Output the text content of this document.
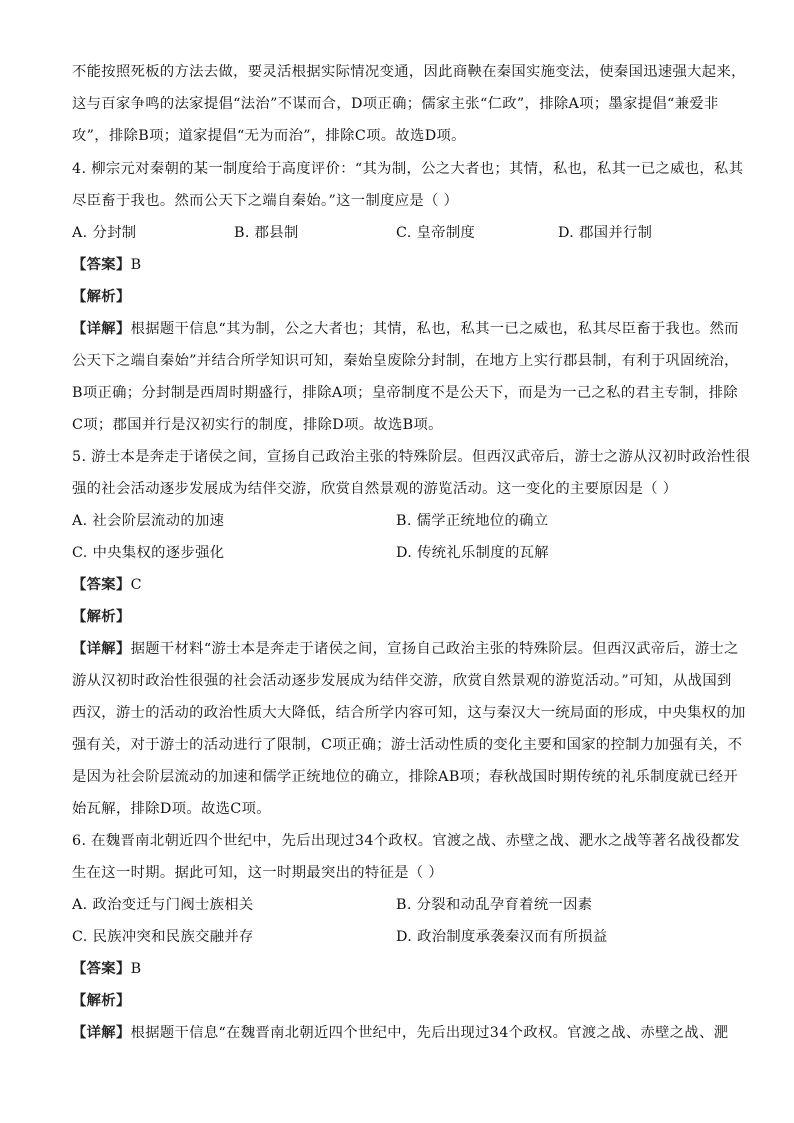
不能按照死板的方法去做，要灵活根据实际情况变通，因此商鞅在秦国实施变法，使秦国迅速强大起来，
这与百家争鸣的法家提倡“法治”不谋而合，D项正确；儒家主张“仁政”，排除A项；墨家提倡“兼爱非
攻”，排除B项；道家提倡“无为而治”，排除C项。故选D项。
4. 柳宗元对秦朝的某一制度给于高度评价：“其为制，公之大者也；其情，私也，私其一已之威也，私其
尽臣畜于我也。然而公天下之端自秦始。”这一制度应是（ ）
A. 分封制	B. 郡县制	C. 皇帝制度	D. 郡国并行制
【答案】B
【解析】
【详解】根据题干信息“其为制，公之大者也；其情，私也，私其一已之威也，私其尽臣畜于我也。然而
公天下之端自秦始”并结合所学知识可知，秦始皇废除分封制，在地方上实行郡县制，有利于巩固统治，
B项正确；分封制是西周时期盛行，排除A项；皇帝制度不是公天下，而是为一己之私的君主专制，排除
C项；郡国并行是汉初实行的制度，排除D项。故选B项。
5. 游士本是奔走于诸侯之间，宣扬自己政治主张的特殊阶层。但西汉武帝后，游士之游从汉初时政治性很
强的社会活动逐步发展成为结伴交游，欣赏自然景观的游览活动。这一变化的主要原因是（ ）
A. 社会阶层流动的加速	B. 儒学正统地位的确立
C. 中央集权的逐步强化	D. 传统礼乐制度的瓦解
【答案】C
【解析】
【详解】据题干材料“游士本是奔走于诸侯之间，宣扬自己政治主张的特殊阶层。但西汉武帝后，游士之
游从汉初时政治性很强的社会活动逐步发展成为结伴交游，欣赏自然景观的游览活动。”可知，从战国到
西汉，游士的活动的政治性质大大降低，结合所学内容可知，这与秦汉大一统局面的形成，中央集权的加
强有关，对于游士的活动进行了限制，C项正确；游士活动性质的变化主要和国家的控制力加强有关，不
是因为社会阶层流动的加速和儒学正统地位的确立，排除AB项；春秋战国时期传统的礼乐制度就已经开
始瓦解，排除D项。故选C项。
6. 在魏晋南北朝近四个世纪中，先后出现过34个政权。官渡之战、赤壁之战、淝水之战等著名战役都发
生在这一时期。据此可知，这一时期最突出的特征是（ ）
A. 政治变迁与门阀士族相关	B. 分裂和动乱孕育着统一因素
C. 民族冲突和民族交融并存	D. 政治制度承袭秦汉而有所损益
【答案】B
【解析】
【详解】根据题干信息“在魏晋南北朝近四个世纪中，先后出现过34个政权。官渡之战、赤壁之战、淝
